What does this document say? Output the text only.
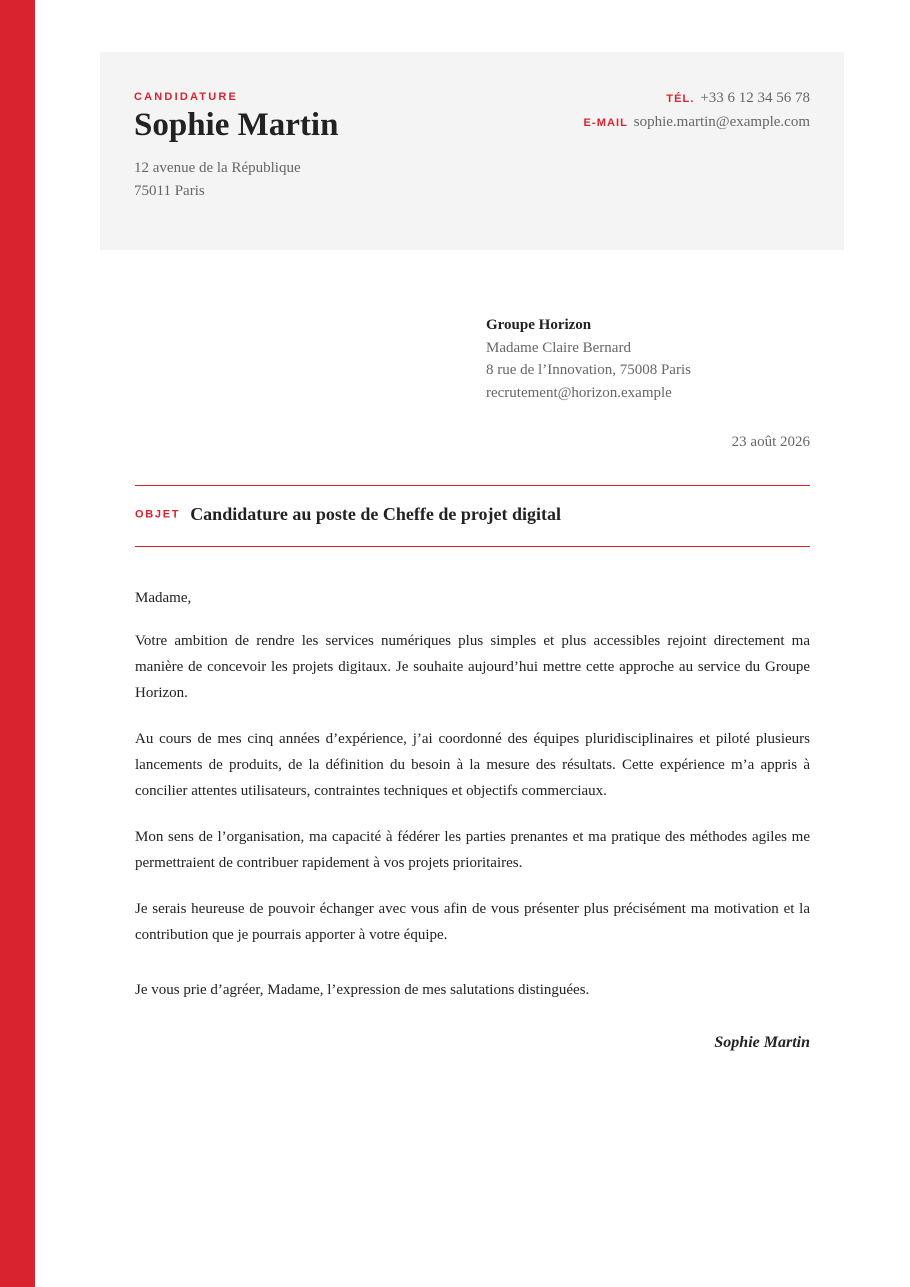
CANDIDATURE
Sophie Martin
12 avenue de la République
75011 Paris
TÉL. +33 6 12 34 56 78
E-MAIL sophie.martin@example.com
Groupe Horizon
Madame Claire Bernard
8 rue de l’Innovation, 75008 Paris
recrutement@horizon.example
23 août 2026
OBJET Candidature au poste de Cheffe de projet digital

Madame,

Votre ambition de rendre les services numériques plus simples et plus accessibles rejoint directement ma manière de concevoir les projets digitaux. Je souhaite aujourd’hui mettre cette approche au service du Groupe Horizon.

Au cours de mes cinq années d’expérience, j’ai coordonné des équipes pluridisciplinaires et piloté plusieurs lancements de produits, de la définition du besoin à la mesure des résultats. Cette expérience m’a appris à concilier attentes utilisateurs, contraintes techniques et objectifs commerciaux.

Mon sens de l’organisation, ma capacité à fédérer les parties prenantes et ma pratique des méthodes agiles me permettraient de contribuer rapidement à vos projets prioritaires.

Je serais heureuse de pouvoir échanger avec vous afin de vous présenter plus précisément ma motivation et la contribution que je pourrais apporter à votre équipe.

Je vous prie d’agréer, Madame, l’expression de mes salutations distinguées.

Sophie Martin
